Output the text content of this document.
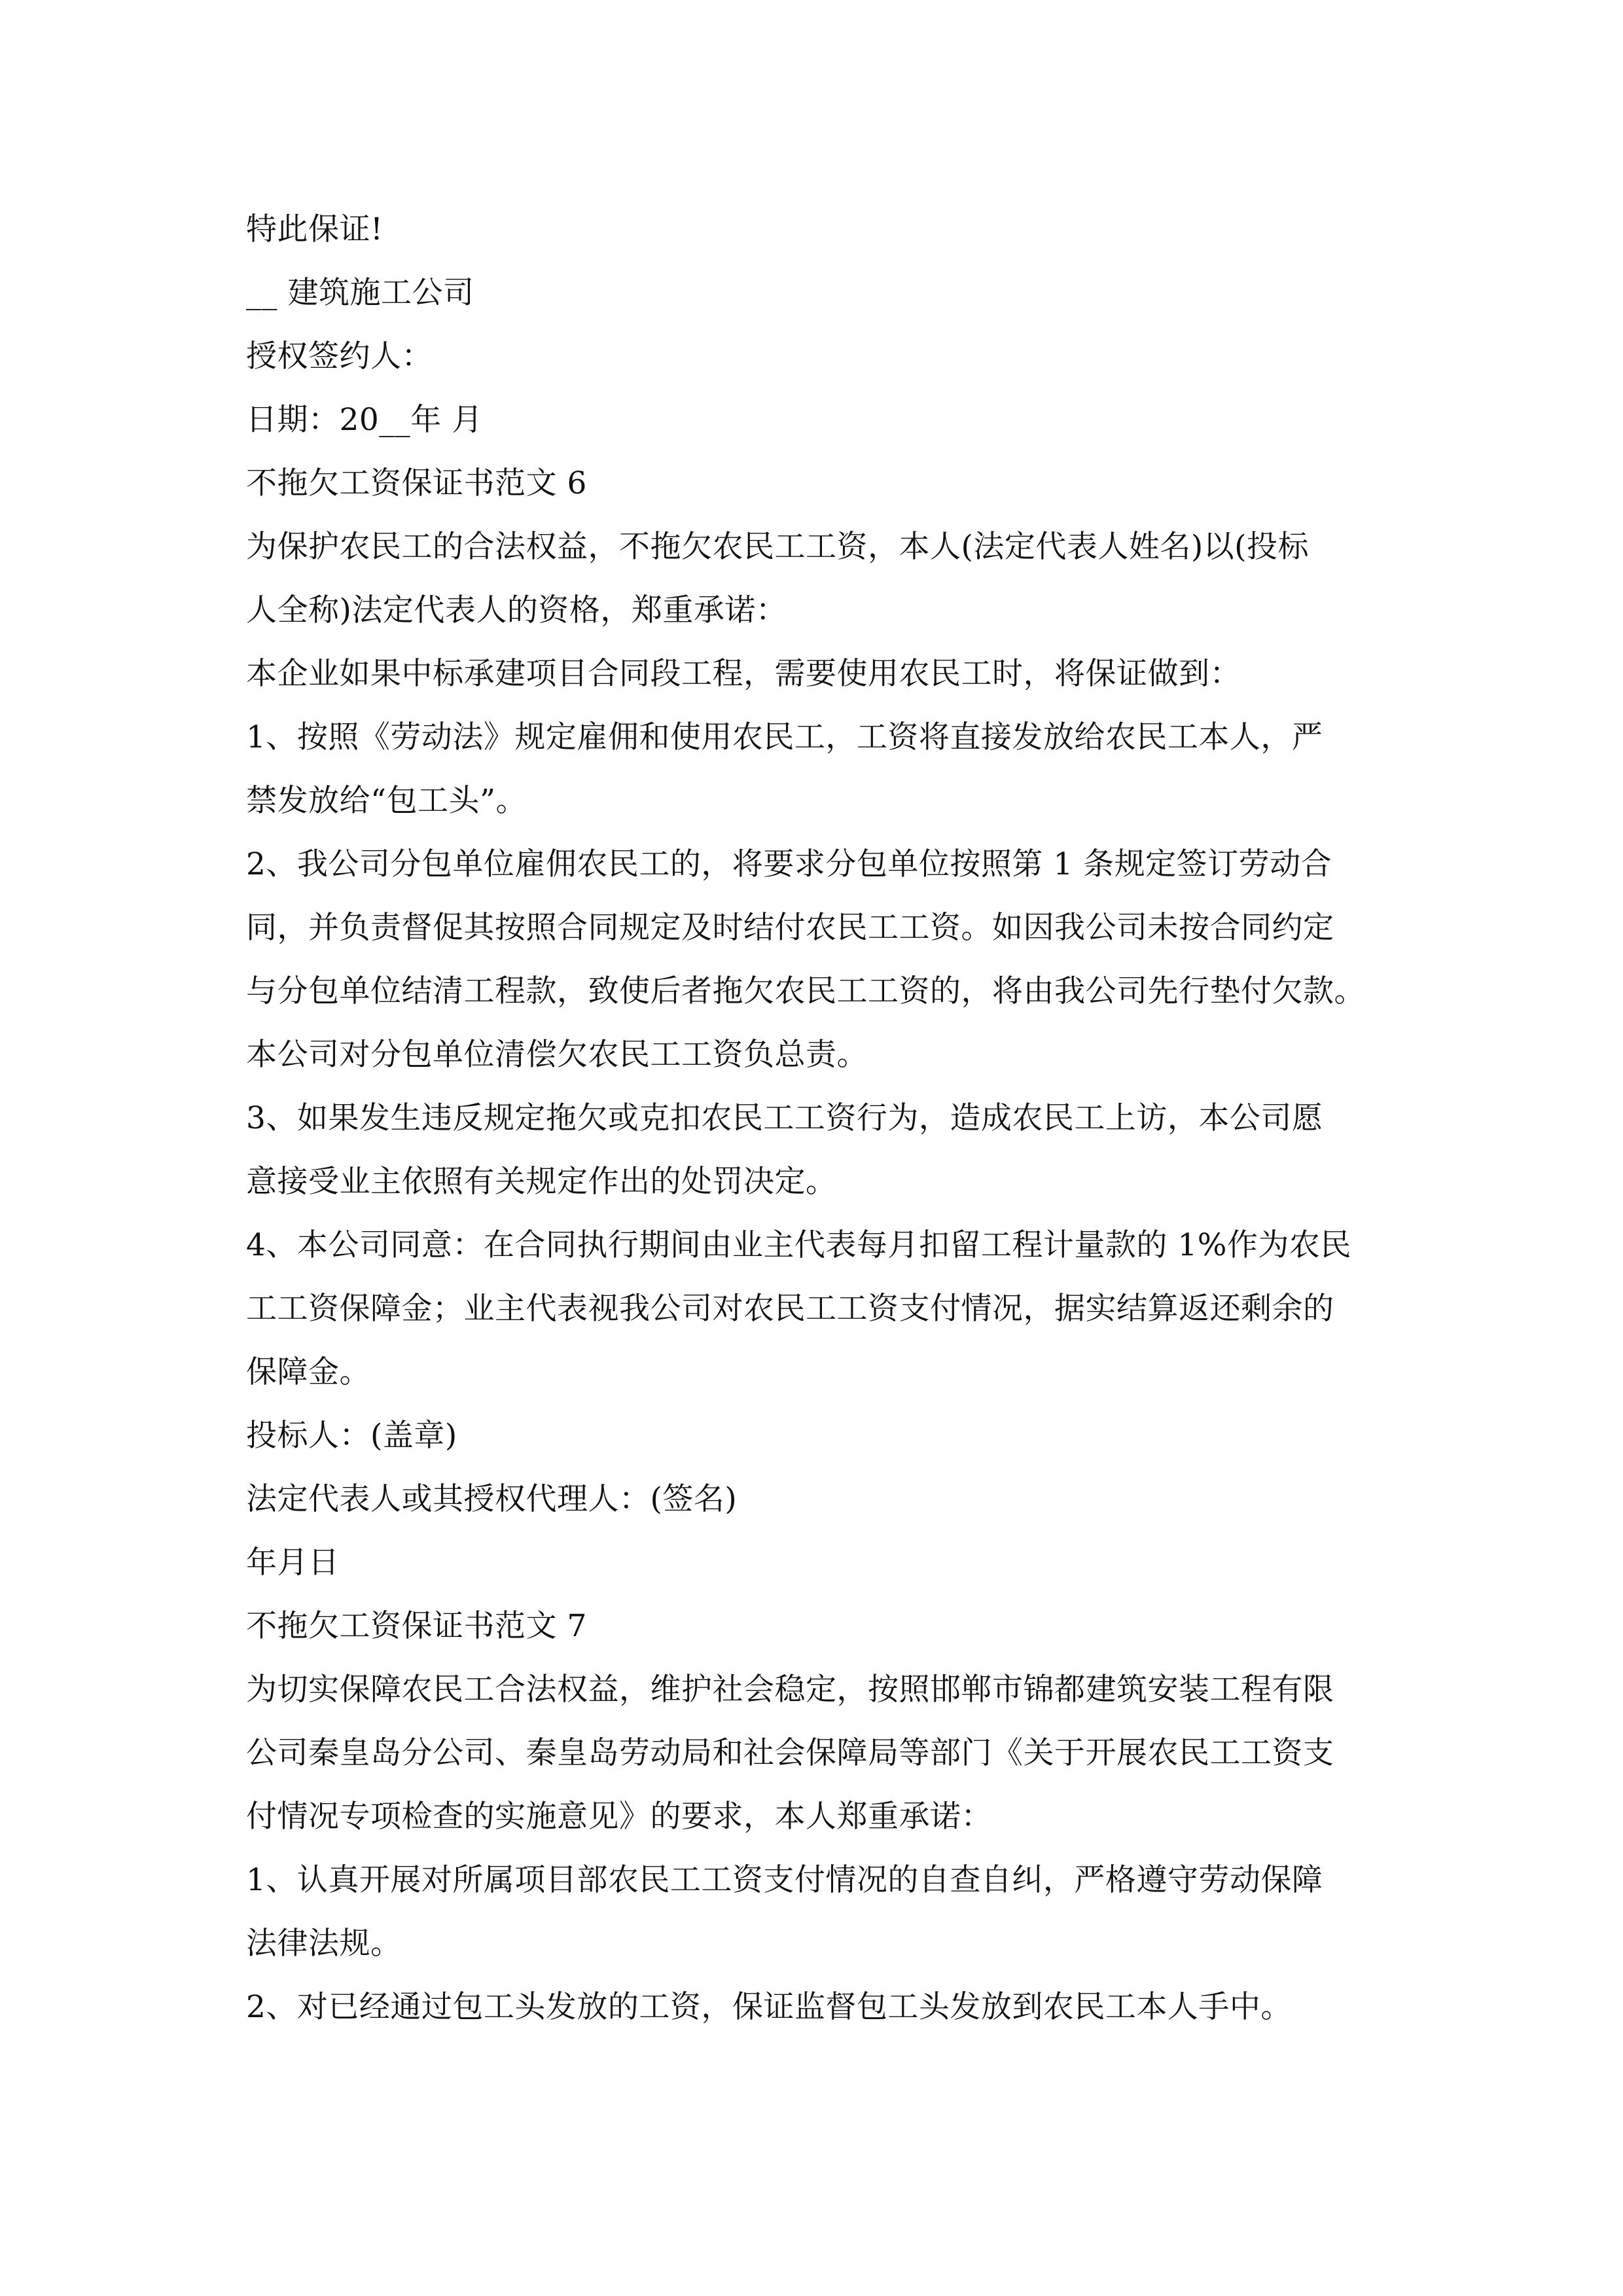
特此保证!
__ 建筑施工公司
授权签约人：
日期：20__年 月
不拖欠工资保证书范文 6
为保护农民工的合法权益，不拖欠农民工工资，本人(法定代表人姓名)以(投标
人全称)法定代表人的资格，郑重承诺：
本企业如果中标承建项目合同段工程，需要使用农民工时，将保证做到：
1、按照《劳动法》规定雇佣和使用农民工，工资将直接发放给农民工本人，严
禁发放给“包工头”。
2、我公司分包单位雇佣农民工的，将要求分包单位按照第 1 条规定签订劳动合
同，并负责督促其按照合同规定及时结付农民工工资。如因我公司未按合同约定
与分包单位结清工程款，致使后者拖欠农民工工资的，将由我公司先行垫付欠款。
本公司对分包单位清偿欠农民工工资负总责。
3、如果发生违反规定拖欠或克扣农民工工资行为，造成农民工上访，本公司愿
意接受业主依照有关规定作出的处罚决定。
4、本公司同意：在合同执行期间由业主代表每月扣留工程计量款的 1%作为农民
工工资保障金；业主代表视我公司对农民工工资支付情况，据实结算返还剩余的
保障金。
投标人：(盖章)
法定代表人或其授权代理人：(签名)
年月日
不拖欠工资保证书范文 7
为切实保障农民工合法权益，维护社会稳定，按照邯郸市锦都建筑安装工程有限
公司秦皇岛分公司、秦皇岛劳动局和社会保障局等部门《关于开展农民工工资支
付情况专项检查的实施意见》的要求，本人郑重承诺：
1、认真开展对所属项目部农民工工资支付情况的自查自纠，严格遵守劳动保障
法律法规。
2、对已经通过包工头发放的工资，保证监督包工头发放到农民工本人手中。
